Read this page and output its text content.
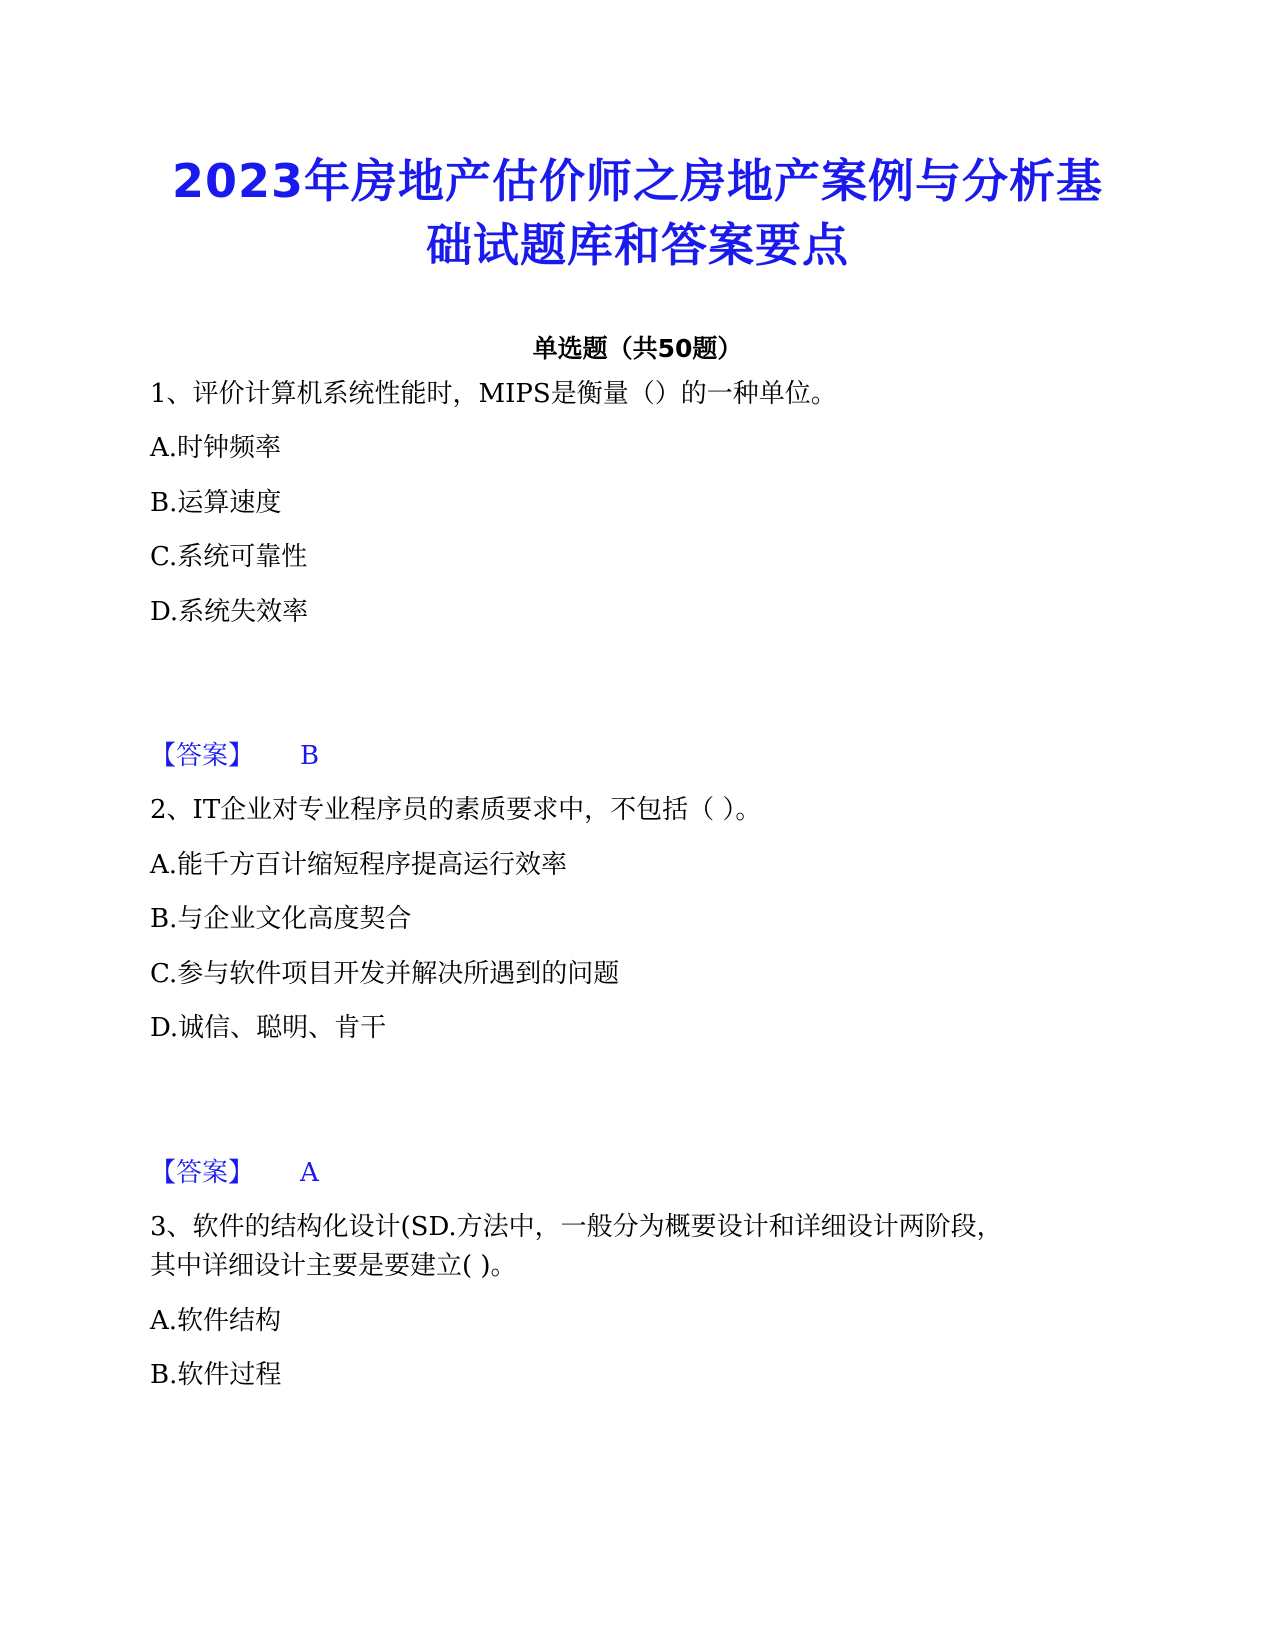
2023年房地产估价师之房地产案例与分析基
础试题库和答案要点
单选题（共50题）
1、评价计算机系统性能时，MIPS是衡量（）的一种单位。
A.时钟频率
B.运算速度
C.系统可靠性
D.系统失效率
【答案】 B
2、IT企业对专业程序员的素质要求中，不包括（ ）。
A.能千方百计缩短程序提高运行效率
B.与企业文化高度契合
C.参与软件项目开发并解决所遇到的问题
D.诚信、聪明、肯干
【答案】 A
3、软件的结构化设计(SD.方法中，一般分为概要设计和详细设计两阶段，
其中详细设计主要是要建立( )。
A.软件结构
B.软件过程
